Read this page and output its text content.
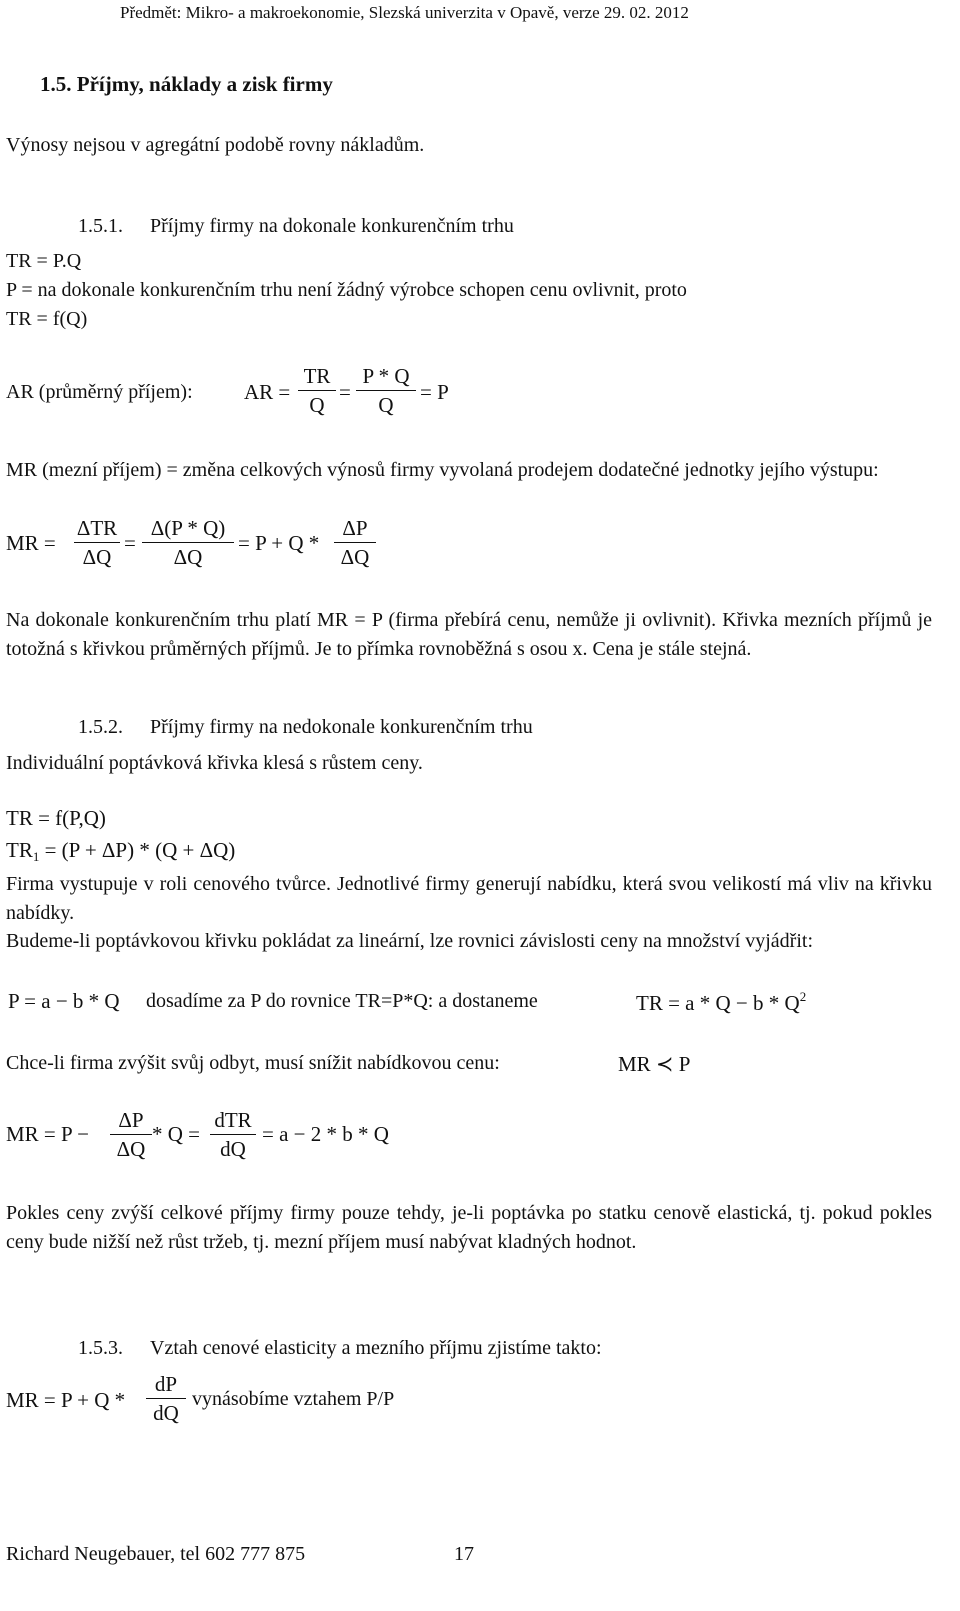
Předmět: Mikro- a makroekonomie, Slezská univerzita v Opavě, verze 29. 02. 2012
1.5. Příjmy, náklady a zisk firmy
Výnosy nejsou v agregátní podobě rovny nákladům.
1.5.1. Příjmy firmy na dokonale konkurenčním trhu
TR = P.Q
P = na dokonale konkurenčním trhu není žádný výrobce schopen cenu ovlivnit, proto
TR = f(Q)
AR (průměrný příjem): AR =
TR
Q
=
P * Q
Q
= P
MR (mezní příjem) = změna celkových výnosů firmy vyvolaná prodejem dodatečné jednotky jejího výstupu:
MR =
ΔTR
ΔQ
=
Δ(P * Q)
ΔQ
= P + Q *
ΔP
ΔQ
Na dokonale konkurenčním trhu platí MR = P (firma přebírá cenu, nemůže ji ovlivnit). Křivka mezních příjmů je totožná s křivkou průměrných příjmů. Je to přímka rovnoběžná s osou x. Cena je stále stejná.
1.5.2. Příjmy firmy na nedokonale konkurenčním trhu
Individuální poptávková křivka klesá s růstem ceny.
TR = f(P,Q)
$TR_1 = (P + \Delta P) * (Q + \Delta Q)$
Firma vystupuje v roli cenového tvůrce. Jednotlivé firmy generují nabídku, která svou velikostí má vliv na křivku nabídky.
Budeme-li poptávkovou křivku pokládat za lineární, lze rovnici závislosti ceny na množství vyjádřit:
P = a − b * Q dosadíme za P do rovnice TR=P*Q: a dostaneme	TR = $a * Q - b * Q^2$
Chce-li firma zvýšit svůj odbyt, musí snížit nabídkovou cenu:	MR ≺ P
MR = P −
ΔP
ΔQ
* Q =
dTR
dQ
= a − 2 * b * Q
Pokles ceny zvýší celkové příjmy firmy pouze tehdy, je-li poptávka po statku cenově elastická, tj. pokud pokles ceny bude nižší než růst tržeb, tj. mezní příjem musí nabývat kladných hodnot.
1.5.3. Vztah cenové elasticity a mezního příjmu zjistíme takto:
MR = P + Q *
dP
dQ
vynásobíme vztahem P/P
Richard Neugebauer, tel 602 777 875	17
